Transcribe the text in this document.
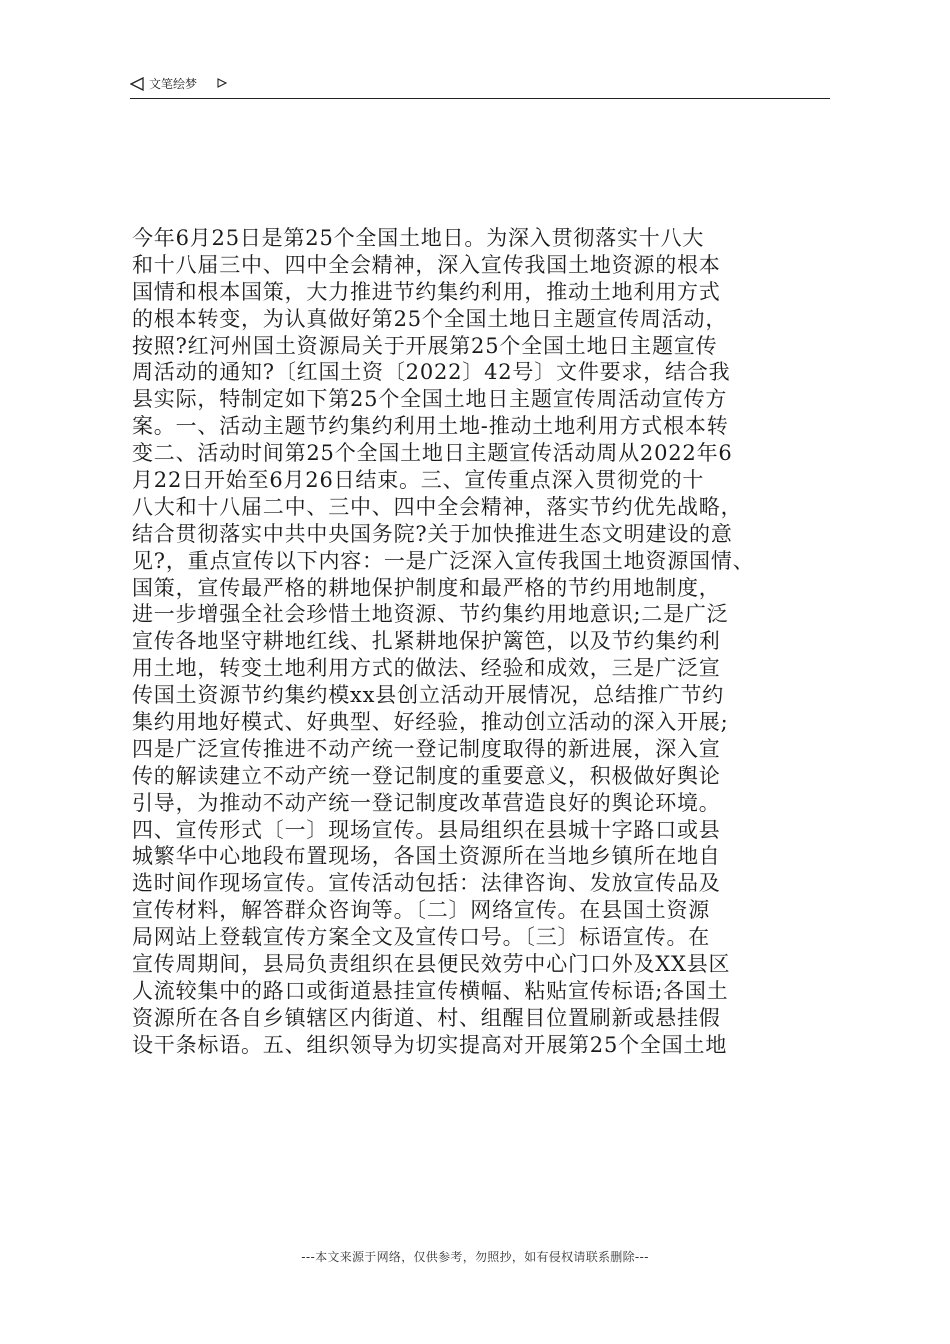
文笔绘梦
今年6月25日是第25个全国土地日。为深入贯彻落实十八大
和十八届三中、四中全会精神，深入宣传我国土地资源的根本
国情和根本国策，大力推进节约集约利用，推动土地利用方式
的根本转变，为认真做好第25个全国土地日主题宣传周活动，
按照?红河州国土资源局关于开展第25个全国土地日主题宣传
周活动的通知?〔红国土资〔2022〕42号〕文件要求，结合我
县实际，特制定如下第25个全国土地日主题宣传周活动宣传方
案。一、活动主题节约集约利用土地-推动土地利用方式根本转
变二、活动时间第25个全国土地日主题宣传活动周从2022年6
月22日开始至6月26日结束。三、宣传重点深入贯彻党的十
八大和十八届二中、三中、四中全会精神，落实节约优先战略，
结合贯彻落实中共中央国务院?关于加快推进生态文明建设的意
见?，重点宣传以下内容：一是广泛深入宣传我国土地资源国情、
国策，宣传最严格的耕地保护制度和最严格的节约用地制度，
进一步增强全社会珍惜土地资源、节约集约用地意识;二是广泛
宣传各地坚守耕地红线、扎紧耕地保护篱笆，以及节约集约利
用土地，转变土地利用方式的做法、经验和成效，三是广泛宣
传国土资源节约集约模xx县创立活动开展情况，总结推广节约
集约用地好模式、好典型、好经验，推动创立活动的深入开展;
四是广泛宣传推进不动产统一登记制度取得的新进展，深入宣
传的解读建立不动产统一登记制度的重要意义，积极做好舆论
引导，为推动不动产统一登记制度改革营造良好的舆论环境。
四、宣传形式〔一〕现场宣传。县局组织在县城十字路口或县
城繁华中心地段布置现场，各国土资源所在当地乡镇所在地自
选时间作现场宣传。宣传活动包括：法律咨询、发放宣传品及
宣传材料，解答群众咨询等。〔二〕网络宣传。在县国土资源
局网站上登载宣传方案全文及宣传口号。〔三〕标语宣传。在
宣传周期间，县局负责组织在县便民效劳中心门口外及XX县区
人流较集中的路口或街道悬挂宣传横幅、粘贴宣传标语;各国土
资源所在各自乡镇辖区内街道、村、组醒目位置刷新或悬挂假
设干条标语。五、组织领导为切实提高对开展第25个全国土地
---本文来源于网络，仅供参考，勿照抄，如有侵权请联系删除---
